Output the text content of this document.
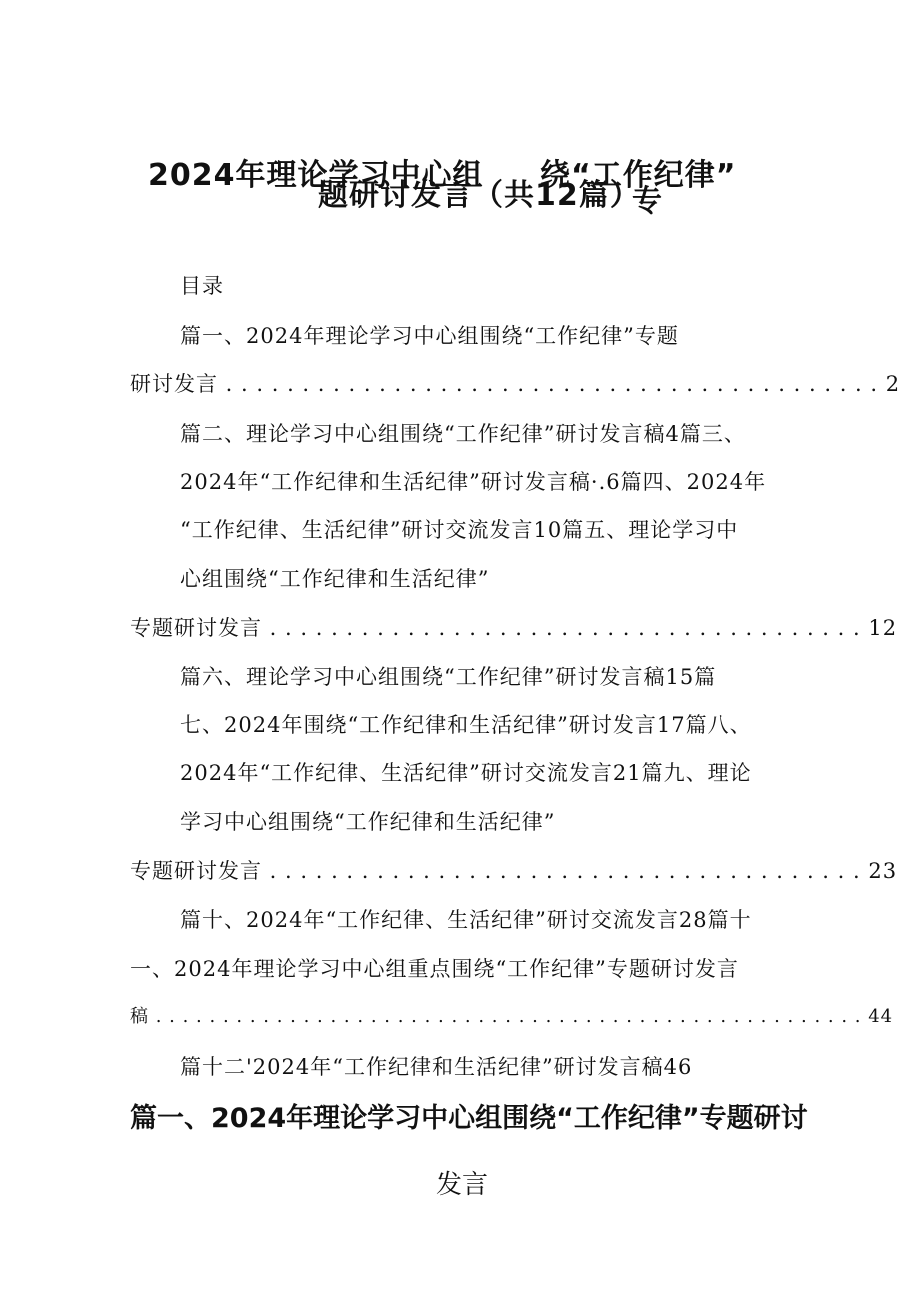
2024年理论学习中心组 绕“工作纪律”
题研讨发言（共12篇）
专
目录
篇一、2024年理论学习中心组围绕“工作纪律”专题
研讨发言 . . . . . . . . . . . . . . . . . . . . . . . . . . . . . . . . . . . . . . . . . . . 2
篇二、理论学习中心组围绕“工作纪律”研讨发言稿4篇三、
2024年“工作纪律和生活纪律”研讨发言稿·.6篇四、2024年
“工作纪律、生活纪律”研讨交流发言10篇五、理论学习中
心组围绕“工作纪律和生活纪律”
专题研讨发言 . . . . . . . . . . . . . . . . . . . . . . . . . . . . . . . . . . . . . . . 12
篇六、理论学习中心组围绕“工作纪律”研讨发言稿15篇
七、2024年围绕“工作纪律和生活纪律”研讨发言17篇八、
2024年“工作纪律、生活纪律”研讨交流发言21篇九、理论
学习中心组围绕“工作纪律和生活纪律”
专题研讨发言 . . . . . . . . . . . . . . . . . . . . . . . . . . . . . . . . . . . . . . . 23
篇十、2024年“工作纪律、生活纪律”研讨交流发言28篇十
一、2024年理论学习中心组重点围绕“工作纪律”专题研讨发言
稿 . . . . . . . . . . . . . . . . . . . . . . . . . . . . . . . . . . . . . . . . . . . . . . . . . . . . . 44
篇十二'2024年“工作纪律和生活纪律”研讨发言稿46
篇一、2024年理论学习中心组围绕“工作纪律”专题研讨
发言
